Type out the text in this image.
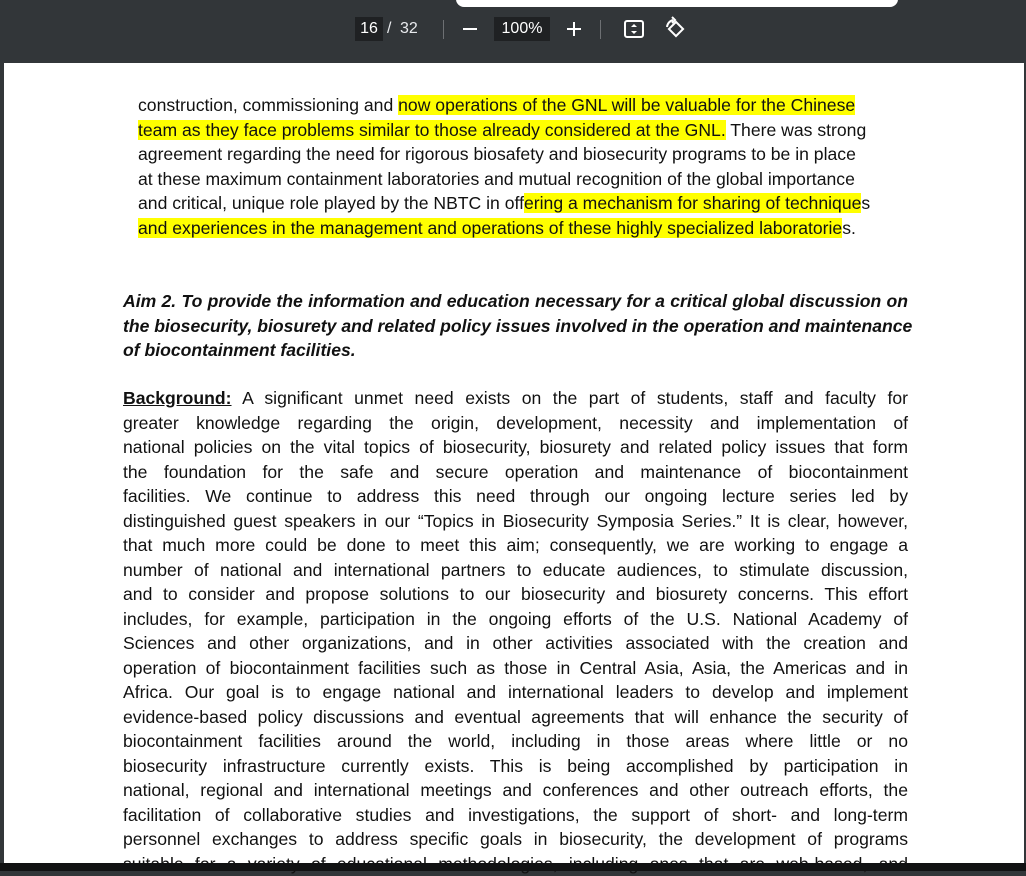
16 / 32	100%
construction, commissioning and now operations of the GNL will be valuable for the Chinese
team as they face problems similar to those already considered at the GNL. There was strong
agreement regarding the need for rigorous biosafety and biosecurity programs to be in place
at these maximum containment laboratories and mutual recognition of the global importance
and critical, unique role played by the NBTC in offering a mechanism for sharing of techniques
and experiences in the management and operations of these highly specialized laboratories.
Aim 2. To provide the information and education necessary for a critical global discussion on
the biosecurity, biosurety and related policy issues involved in the operation and maintenance
of biocontainment facilities.
Background: A significant unmet need exists on the part of students, staff and faculty for
greater knowledge regarding the origin, development, necessity and implementation of
national policies on the vital topics of biosecurity, biosurety and related policy issues that form
the foundation for the safe and secure operation and maintenance of biocontainment
facilities. We continue to address this need through our ongoing lecture series led by
distinguished guest speakers in our “Topics in Biosecurity Symposia Series.” It is clear, however,
that much more could be done to meet this aim; consequently, we are working to engage a
number of national and international partners to educate audiences, to stimulate discussion,
and to consider and propose solutions to our biosecurity and biosurety concerns. This effort
includes, for example, participation in the ongoing efforts of the U.S. National Academy of
Sciences and other organizations, and in other activities associated with the creation and
operation of biocontainment facilities such as those in Central Asia, Asia, the Americas and in
Africa. Our goal is to engage national and international leaders to develop and implement
evidence-based policy discussions and eventual agreements that will enhance the security of
biocontainment facilities around the world, including in those areas where little or no
biosecurity infrastructure currently exists. This is being accomplished by participation in
national, regional and international meetings and conferences and other outreach efforts, the
facilitation of collaborative studies and investigations, the support of short- and long-term
personnel exchanges to address specific goals in biosecurity, the development of programs
